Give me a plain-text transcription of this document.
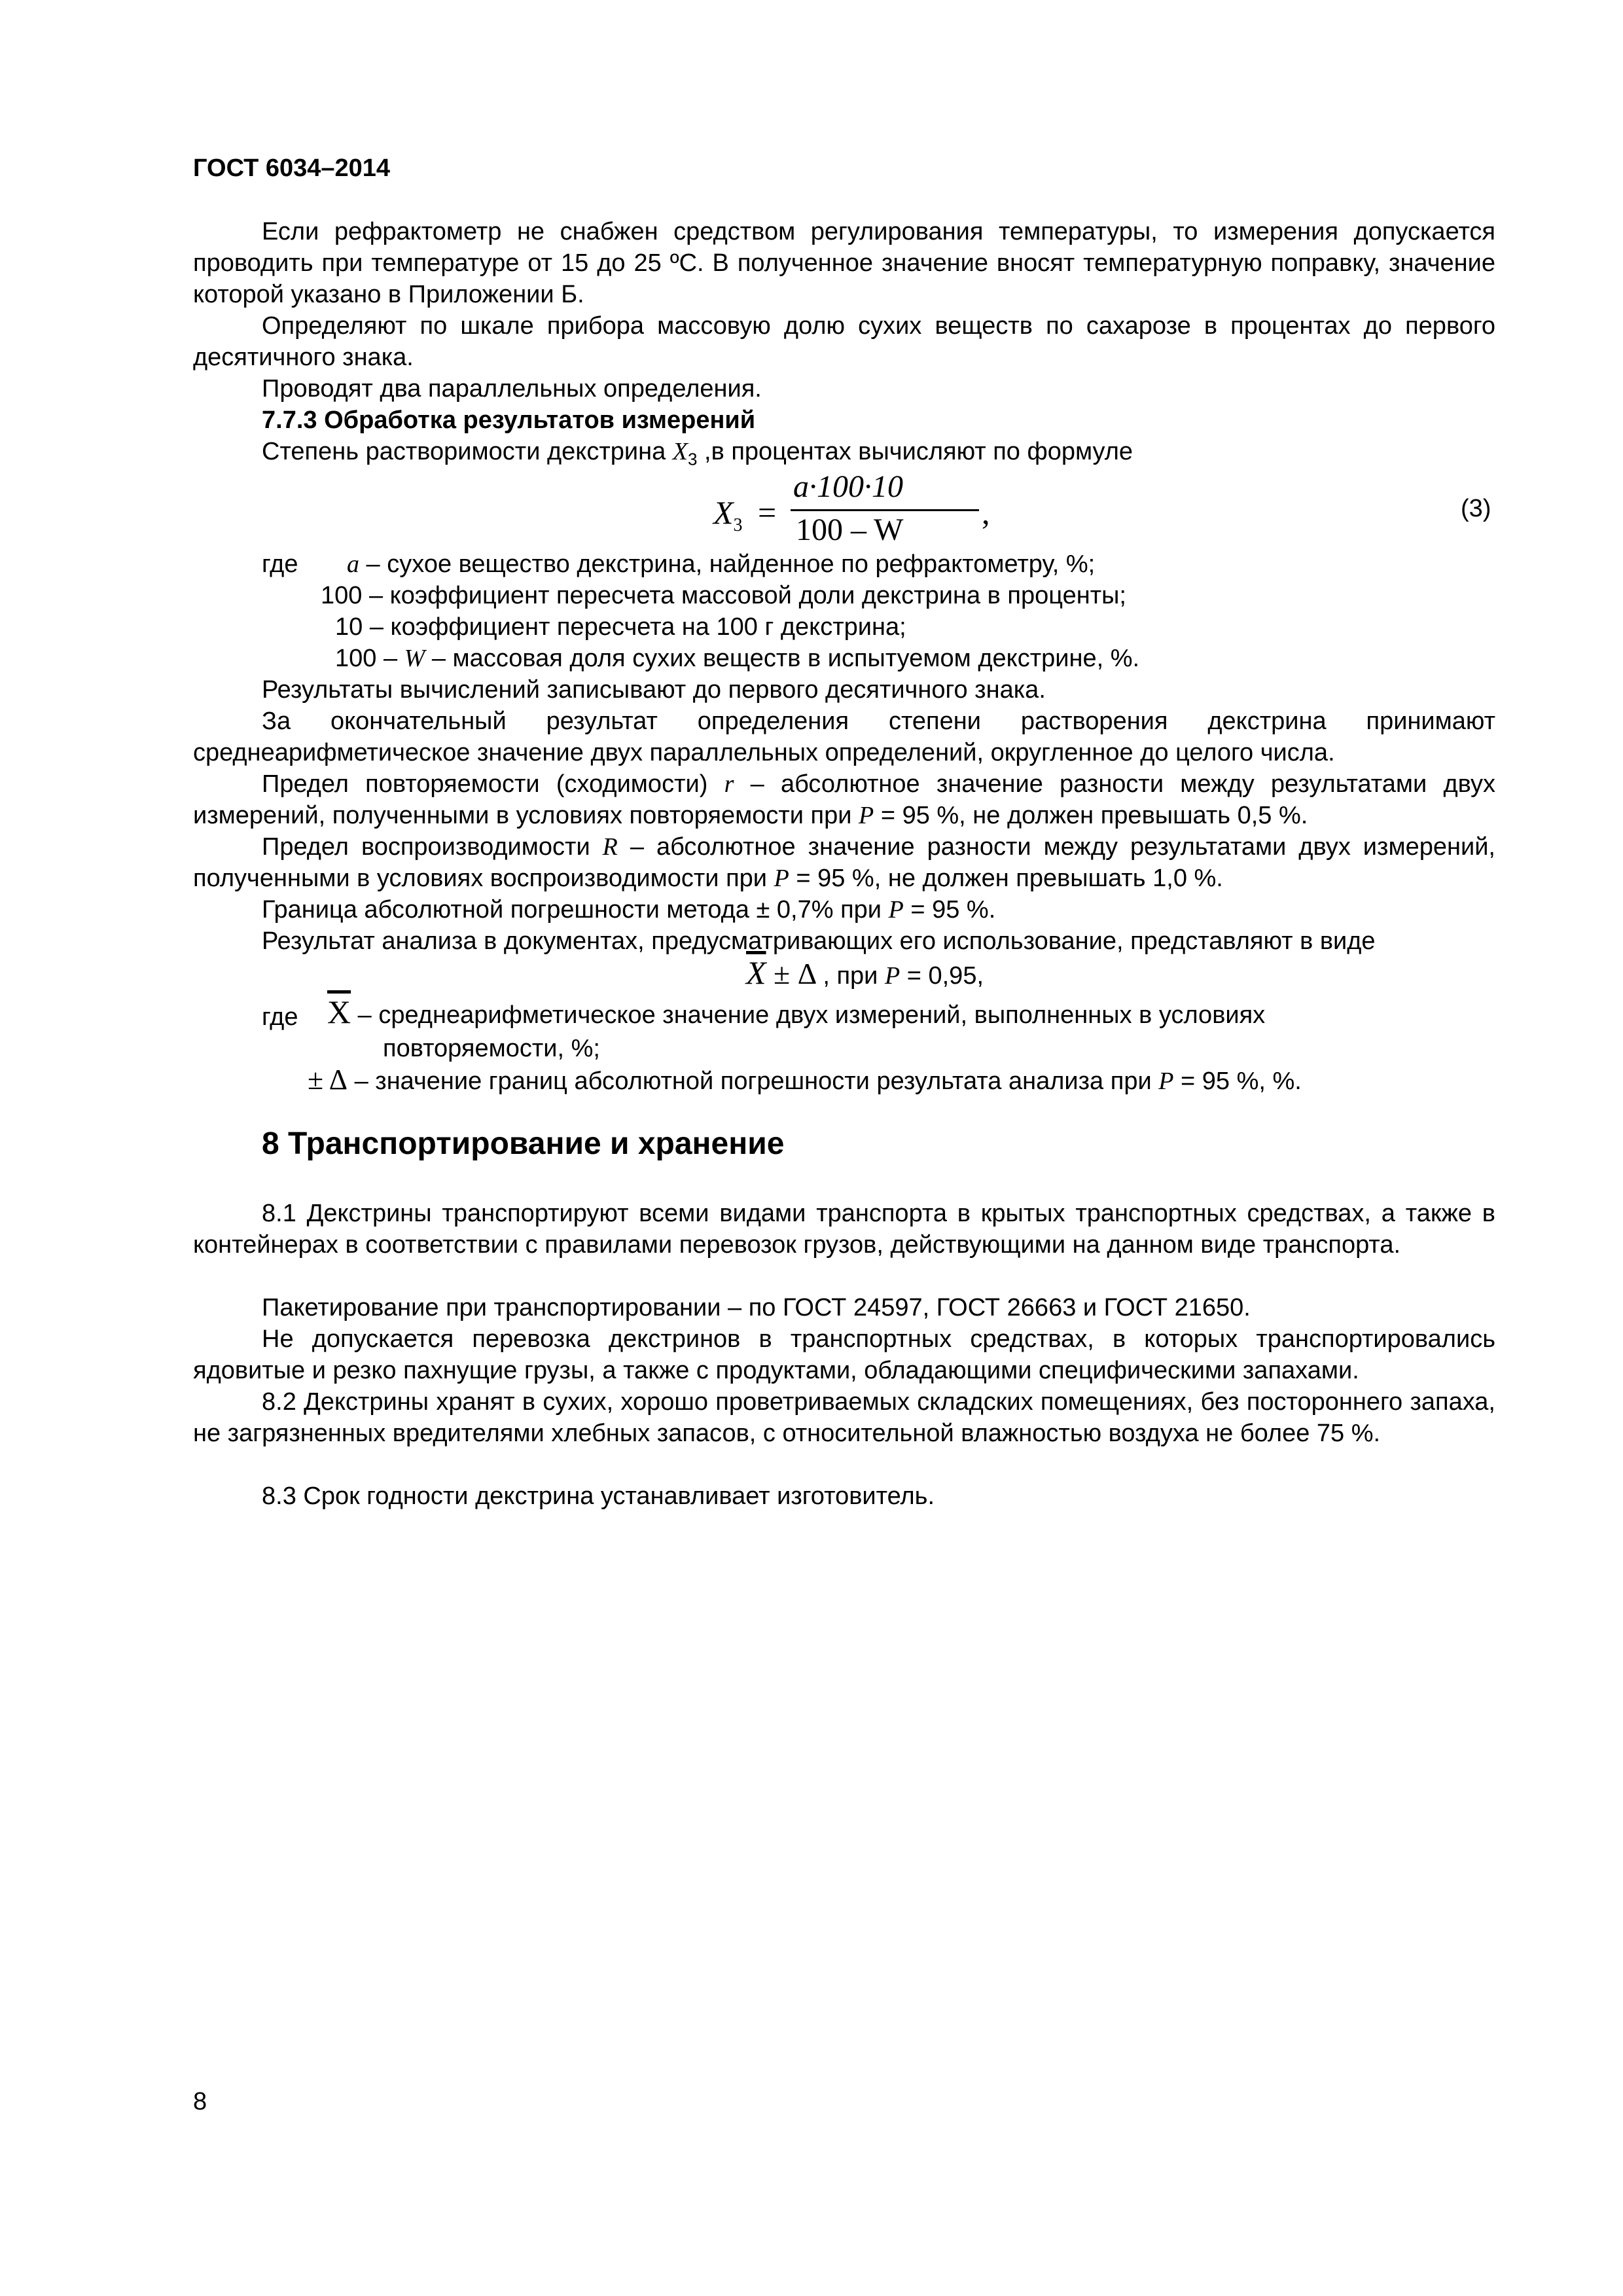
ГОСТ 6034–2014
Если рефрактометр не снабжен средством регулирования температуры, то измерения допускается проводить при температуре от 15 до 25 ºC. В полученное значение вносят температурную поправку, значение которой указано в Приложении Б.
Определяют по шкале прибора массовую долю сухих веществ по сахарозе в процентах до первого десятичного знака.
Проводят два параллельных определения.
7.7.3 Обработка результатов измерений
Степень растворимости декстрина $X_3$ ,в процентах вычисляют по формуле
$X_3$ =
a·100·10
100 – W ,	(3)
где a – сухое вещество декстрина, найденное по рефрактометру, %;
100 – коэффициент пересчета массовой доли декстрина в проценты;
10 – коэффициент пересчета на 100 г декстрина;
100 – W – массовая доля сухих веществ в испытуемом декстрине, %.
Результаты вычислений записывают до первого десятичного знака.
За окончательный результат определения степени растворения декстрина принимают среднеарифметическое значение двух параллельных определений, округленное до целого числа.
Предел повторяемости (сходимости) r – абсолютное значение разности между результатами двух измерений, полученными в условиях повторяемости при P = 95 %, не должен превышать 0,5 %.
Предел воспроизводимости R – абсолютное значение разности между результатами двух измерений, полученными в условиях воспроизводимости при P = 95 %, не должен превышать 1,0 %.
Граница абсолютной погрешности метода ± 0,7% при P = 95 %.
Результат анализа в документах, предусматривающих его использование, представляют в виде
$\overline{X} \pm \Delta$ , при P = 0,95,
где $\overline{X}$ – среднеарифметическое значение двух измерений, выполненных в условиях
повторяемости, %;
± Δ – значение границ абсолютной погрешности результата анализа при P = 95 %, %.
8 Транспортирование и хранение
8.1 Декстрины транспортируют всеми видами транспорта в крытых транспортных средствах, а также в контейнерах в соответствии с правилами перевозок грузов, действующими на данном виде транспорта.
Пакетирование при транспортировании – по ГОСТ 24597, ГОСТ 26663 и ГОСТ 21650.
Не допускается перевозка декстринов в транспортных средствах, в которых транспортировались ядовитые и резко пахнущие грузы, а также с продуктами, обладающими специфическими запахами.
8.2 Декстрины хранят в сухих, хорошо проветриваемых складских помещениях, без постороннего запаха, не загрязненных вредителями хлебных запасов, с относительной влажностью воздуха не более 75 %.
8.3 Срок годности декстрина устанавливает изготовитель.
8
